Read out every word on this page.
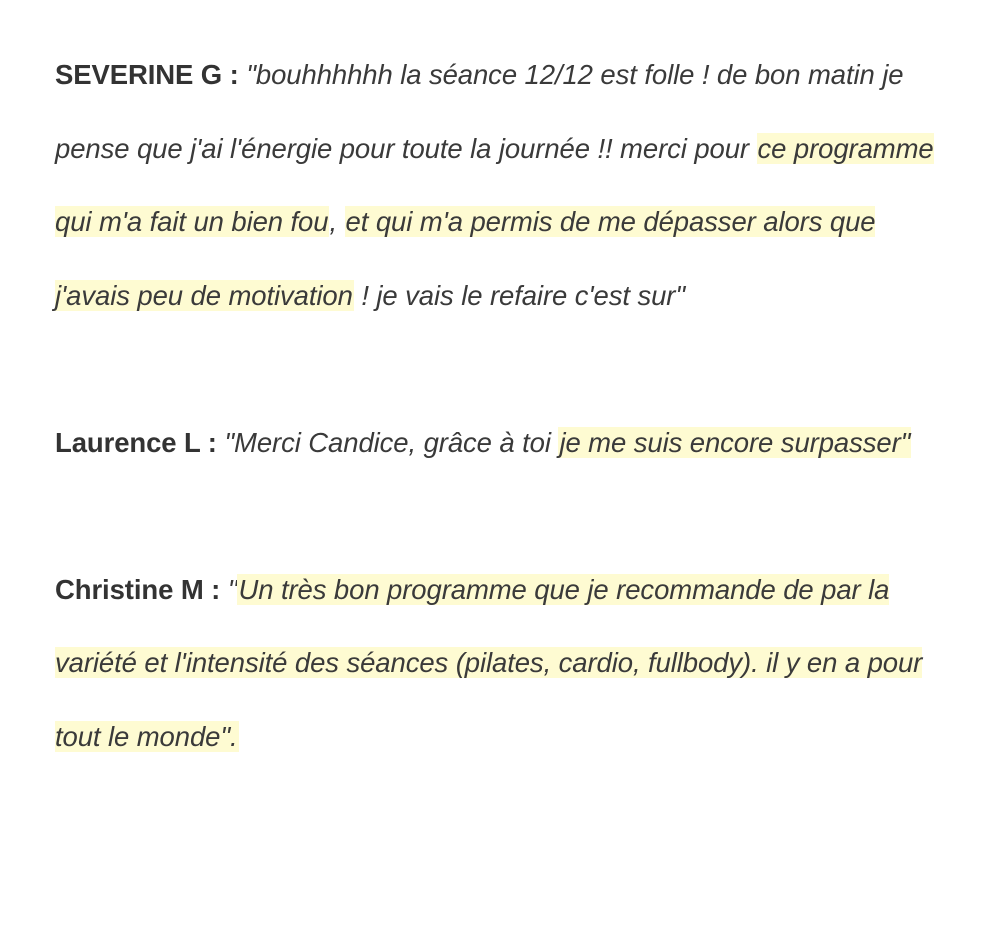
SEVERINE G : "bouhhhhhh la séance 12/12 est folle ! de bon matin je pense que j'ai l'énergie pour toute la journée !! merci pour ce programme qui m'a fait un bien fou, et qui m'a permis de me dépasser alors que j'avais peu de motivation ! je vais le refaire c'est sur"

Laurence L : "Merci Candice, grâce à toi je me suis encore surpasser"

Christine M : "Un très bon programme que je recommande de par la variété et l'intensité des séances (pilates, cardio, fullbody). il y en a pour tout le monde".
